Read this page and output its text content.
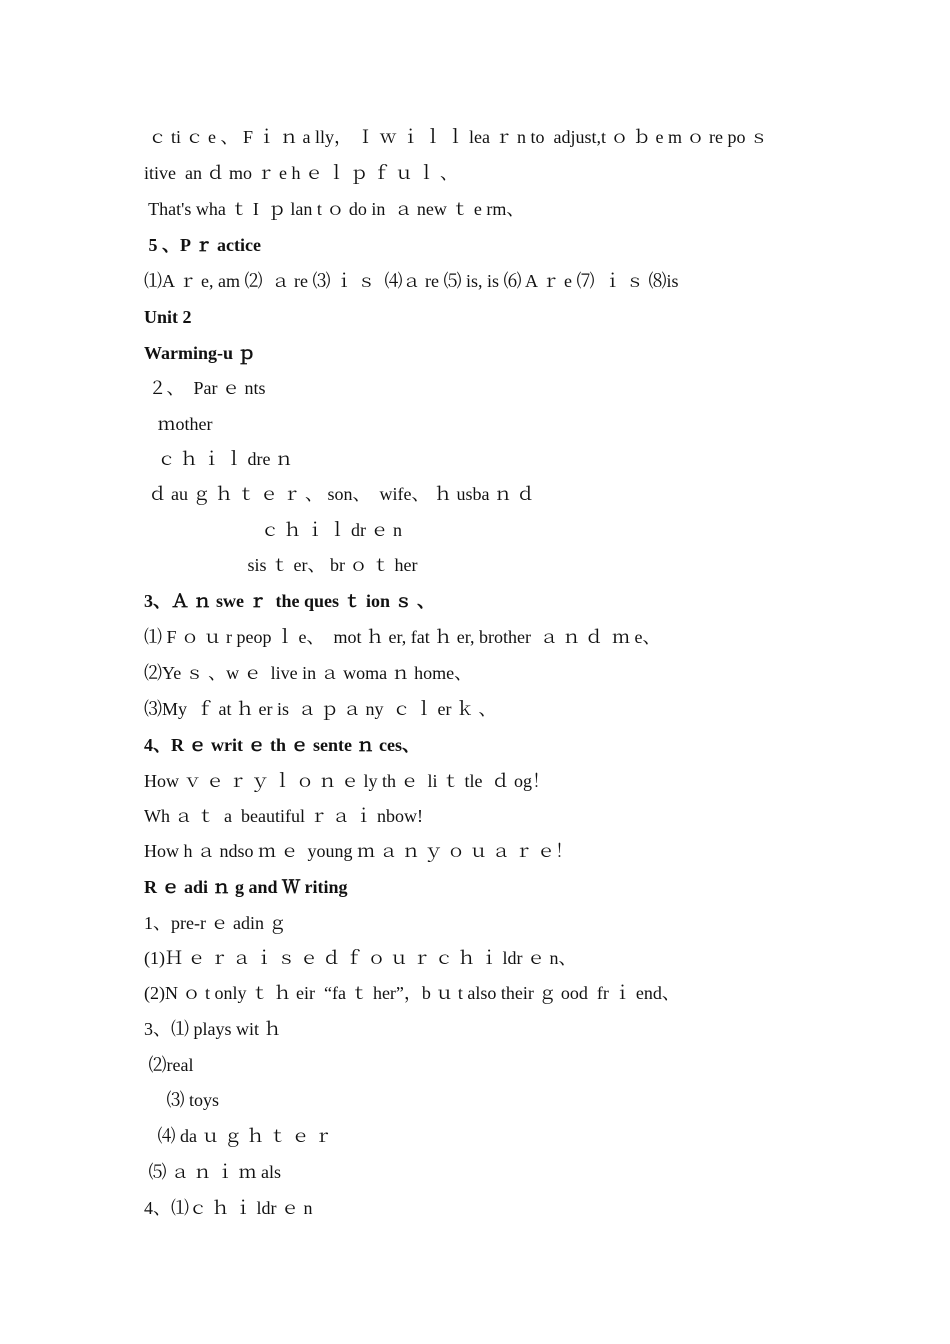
ｃ ti ｃ e 、 F ｉ ｎ a lly， Ｉ ｗ ｉ ｌ ｌ lea ｒ n to  adjust,t ｏ ｂ e m ｏ re po ｓ
itive  an ｄ mo ｒ e h ｅ ｌ ｐ ｆ ｕ ｌ 、
That's wha ｔ I  ｐ lan t ｏ do in  ａ new ｔ e rm、
5 、P ｒ actice
⑴A ｒ e, am ⑵  ａ re ⑶ ｉ ｓ  ⑷ａ re ⑸ is, is ⑹ A ｒ e ⑺  ｉ ｓ ⑻is
Unit 2
Warming-u ｐ
２、  Par ｅ nts
ｍother
ｃ ｈ ｉ ｌ dre ｎ
ｄ au ｇ ｈ ｔ ｅ ｒ 、 son、  wife、 ｈ usba ｎ ｄ
ｃ ｈ ｉ ｌ dr ｅ n
sis ｔ er、 br ｏ ｔ her
3、Ａ ｎ swe ｒ  the ques ｔ ion ｓ 、
⑴ F ｏ ｕ r peop ｌ e、  mot ｈ er, fat ｈ er, brother  ａ ｎ ｄ  ｍ e、
⑵Ye ｓ 、w ｅ  live in ａ woma ｎ home、
⑶My  ｆ at ｈ er is  ａ ｐ ａ ny  ｃ ｌ er ｋ 、
4、R ｅ writ ｅ th ｅ sente ｎ ces、
How ｖ ｅ ｒ ｙ ｌ ｏ ｎ ｅ ly th ｅ  li ｔ tle  ｄ og！
Wh ａ ｔ  a  beautiful ｒ ａ ｉ nbow!
How h ａ ndso ｍ ｅ  young ｍ ａ ｎ ｙ ｏ ｕ ａ ｒ ｅ！
R ｅ adi ｎ g and Ｗ riting
1、pre-r ｅ adin ｇ
(1)Ｈ ｅ ｒ ａ ｉ ｓ ｅ ｄ ｆ ｏ ｕ ｒ ｃ ｈ ｉ ldr ｅ n、
(2)N ｏ t only ｔ ｈ eir  “fa ｔ her”，b ｕ t also their ｇ ood  fr ｉ end、
3、⑴ plays wit ｈ
⑵real
⑶ toys
⑷ da ｕ ｇ ｈ ｔ ｅ ｒ
⑸ ａ ｎ ｉ ｍ als
4、⑴ｃ ｈ ｉ ldr ｅ n
